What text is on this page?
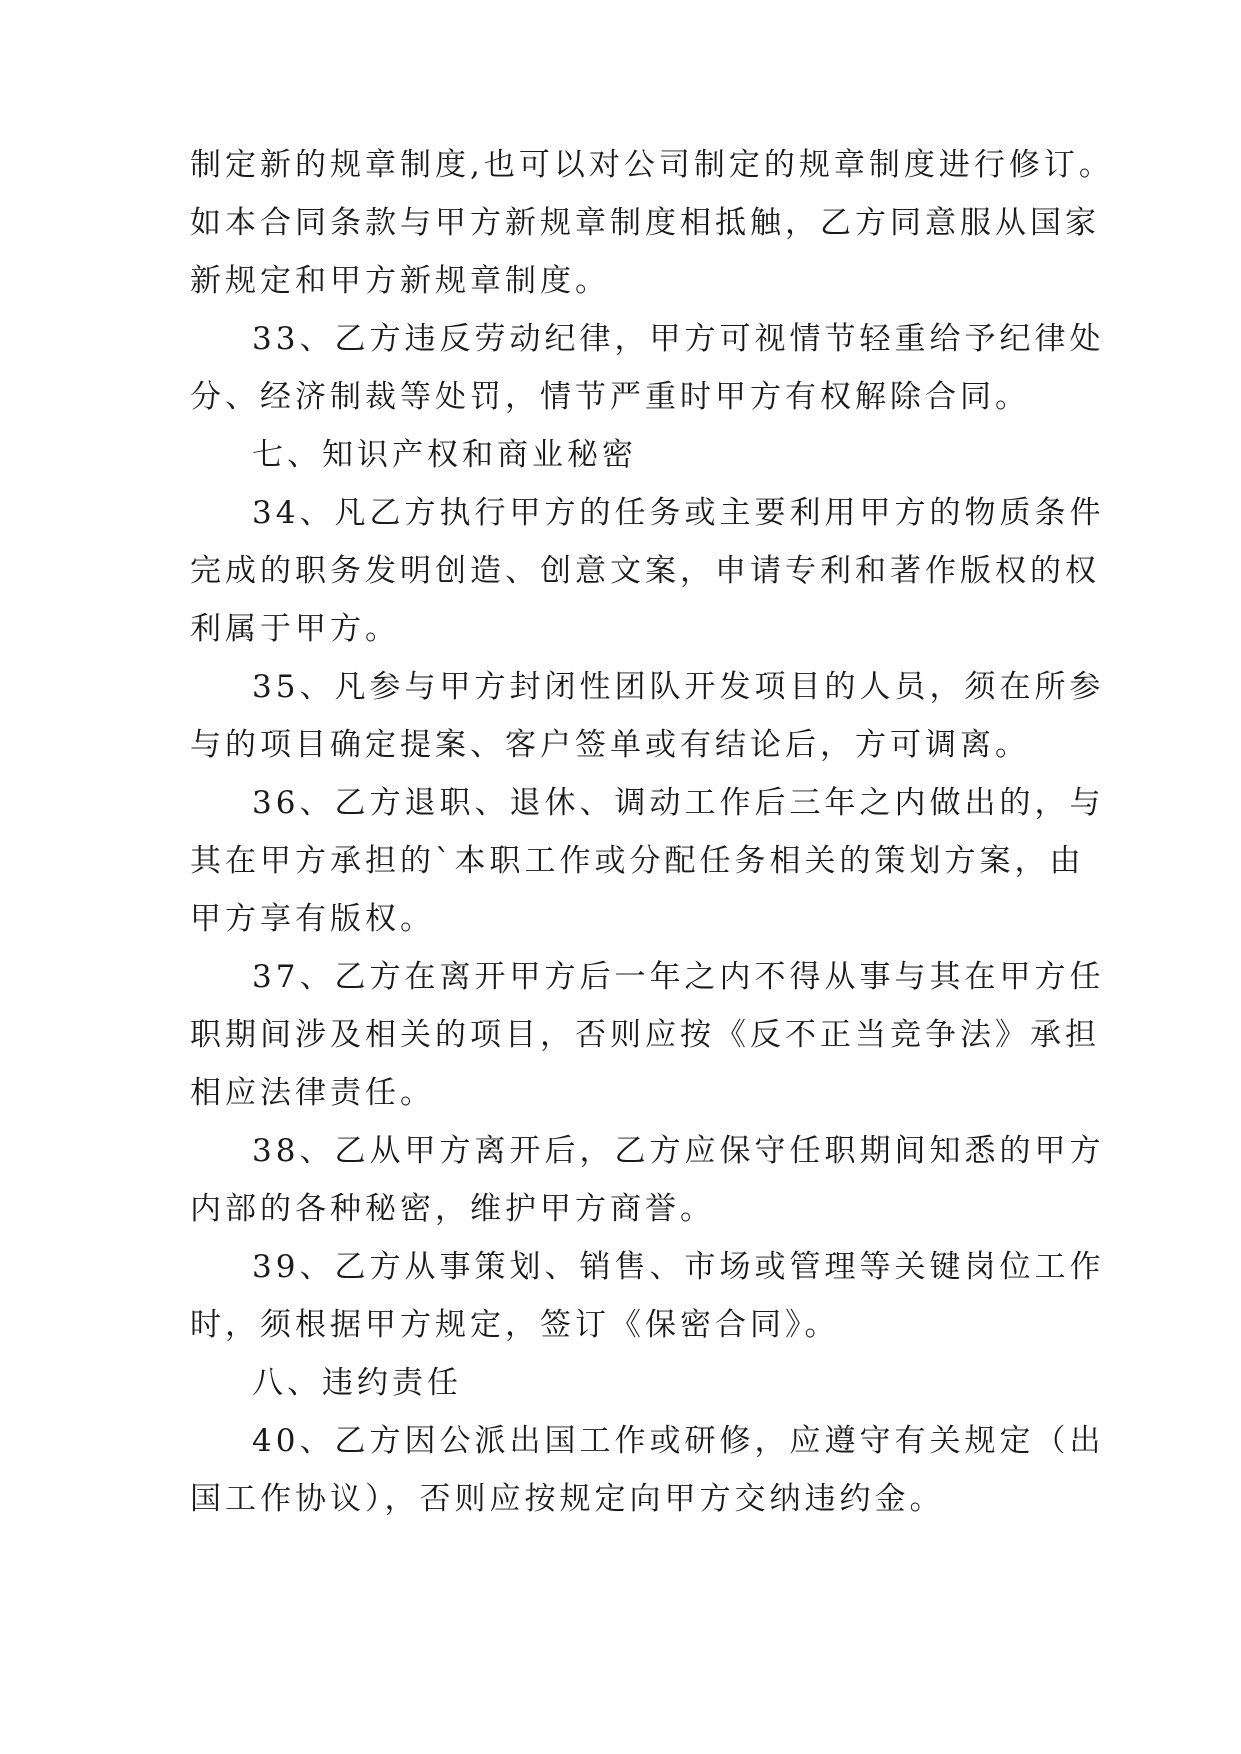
制定新的规章制度,也可以对公司制定的规章制度进行修订。
如本合同条款与甲方新规章制度相抵触，乙方同意服从国家
新规定和甲方新规章制度。
33、乙方违反劳动纪律，甲方可视情节轻重给予纪律处
分、经济制裁等处罚，情节严重时甲方有权解除合同。
七、知识产权和商业秘密
34、凡乙方执行甲方的任务或主要利用甲方的物质条件
完成的职务发明创造、创意文案，申请专利和著作版权的权
利属于甲方。
35、凡参与甲方封闭性团队开发项目的人员，须在所参
与的项目确定提案、客户签单或有结论后，方可调离。
36、乙方退职、退休、调动工作后三年之内做出的，与
其在甲方承担的`本职工作或分配任务相关的策划方案，由
甲方享有版权。
37、乙方在离开甲方后一年之内不得从事与其在甲方任
职期间涉及相关的项目，否则应按《反不正当竞争法》承担
相应法律责任。
38、乙从甲方离开后，乙方应保守任职期间知悉的甲方
内部的各种秘密，维护甲方商誉。
39、乙方从事策划、销售、市场或管理等关键岗位工作
时，须根据甲方规定，签订《保密合同》。
八、违约责任
40、乙方因公派出国工作或研修，应遵守有关规定（出
国工作协议），否则应按规定向甲方交纳违约金。
